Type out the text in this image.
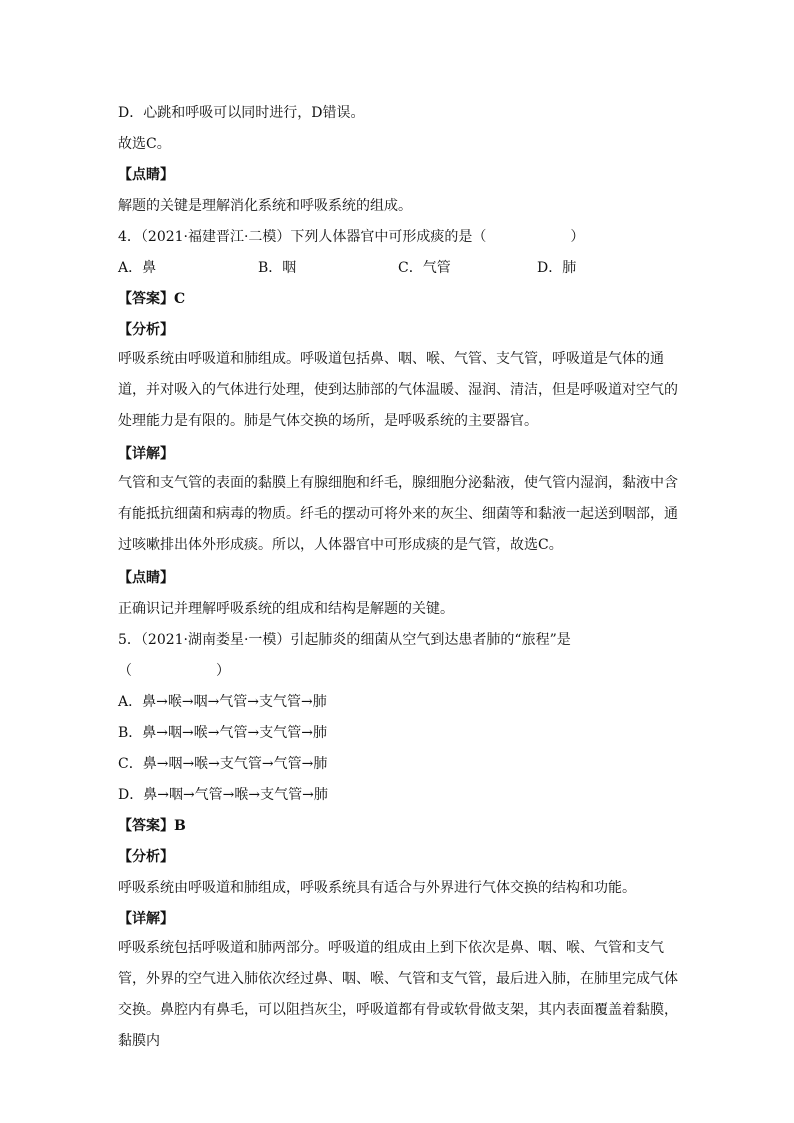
D．心跳和呼吸可以同时进行，D错误。
故选C。
【点睛】
解题的关键是理解消化系统和呼吸系统的组成。
4．（2021·福建晋江·二模）下列人体器官中可形成痰的是（　　　　　　）
A．鼻	B．咽	C．气管	D．肺
【答案】C
【分析】
呼吸系统由呼吸道和肺组成。呼吸道包括鼻、咽、喉、气管、支气管，呼吸道是气体的通道，并对吸入的气体进行处理，使到达肺部的气体温暖、湿润、清洁，但是呼吸道对空气的处理能力是有限的。肺是气体交换的场所，是呼吸系统的主要器官。
【详解】
气管和支气管的表面的黏膜上有腺细胞和纤毛，腺细胞分泌黏液，使气管内湿润，黏液中含有能抵抗细菌和病毒的物质。纤毛的摆动可将外来的灰尘、细菌等和黏液一起送到咽部，通过咳嗽排出体外形成痰。所以，人体器官中可形成痰的是气管，故选C。
【点睛】
正确识记并理解呼吸系统的组成和结构是解题的关键。
5．（2021·湖南娄星·一模）引起肺炎的细菌从空气到达患者肺的“旅程”是
（　　　　　　）
A．鼻→喉→咽→气管→支气管→肺
B．鼻→咽→喉→气管→支气管→肺
C．鼻→咽→喉→支气管→气管→肺
D．鼻→咽→气管→喉→支气管→肺
【答案】B
【分析】
呼吸系统由呼吸道和肺组成，呼吸系统具有适合与外界进行气体交换的结构和功能。
【详解】
呼吸系统包括呼吸道和肺两部分。呼吸道的组成由上到下依次是鼻、咽、喉、气管和支气管，外界的空气进入肺依次经过鼻、咽、喉、气管和支气管，最后进入肺，在肺里完成气体交换。鼻腔内有鼻毛，可以阻挡灰尘，呼吸道都有骨或软骨做支架，其内表面覆盖着黏膜，黏膜内
